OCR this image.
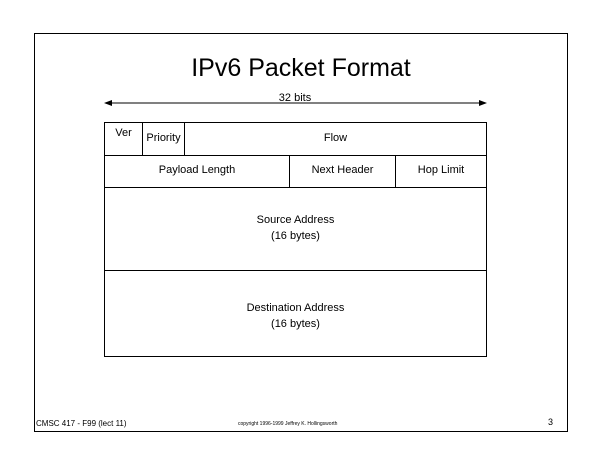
IPv6 Packet Format
32 bits
Ver	Priority	Flow
Payload Length	Next Header	Hop Limit
Source Address
(16 bytes)
Destination Address
(16 bytes)
CMSC 417 - F99 (lect 11)	copyright 1996-1999 Jeffrey K. Hollingsworth	3
